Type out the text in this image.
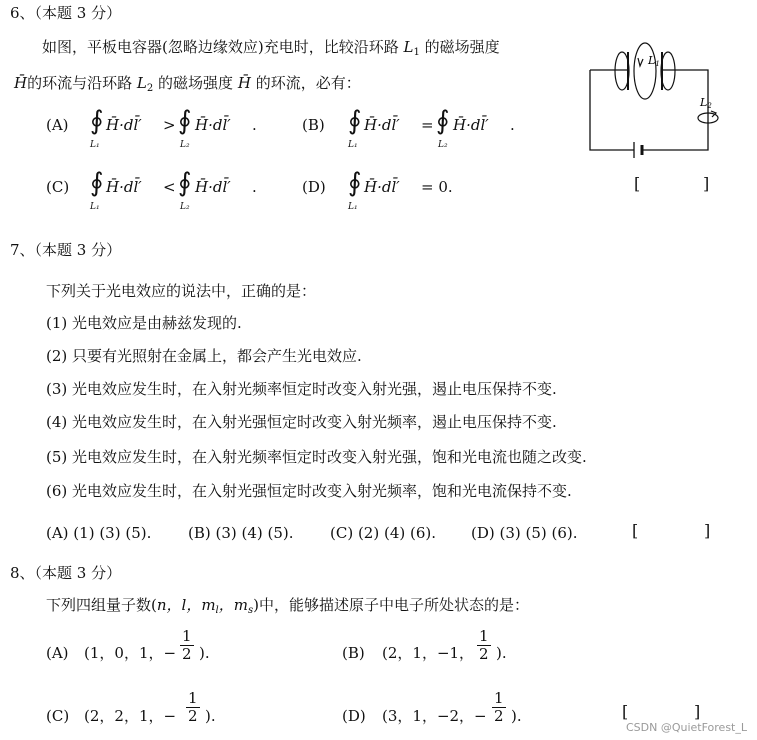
6、（本题 3 分）
如图，平板电容器(忽略边缘效应)充电时，比较沿环路 $L_1$ 的磁场强度
H̄的环流与沿环路 $L_2$ 的磁场强度 H̄ 的环流，必有：
(A) ∮
L₁
H̄·dl̄′ > ∮
L₂
H̄·dl̄′ .	(B) ∮
L₁
H̄·dl̄′ = ∮
L₂
H̄·dl̄′ .
(C) ∮
L₁
H̄·dl̄′ < ∮
L₂
H̄·dl̄′ .	(D) ∮
L₁
H̄·dl̄′ = 0.
L1
L2
[	]
7、（本题 3 分）
下列关于光电效应的说法中，正确的是：
(1) 光电效应是由赫兹发现的.
(2) 只要有光照射在金属上，都会产生光电效应.
(3) 光电效应发生时，在入射光频率恒定时改变入射光强，遏止电压保持不变.
(4) 光电效应发生时，在入射光强恒定时改变入射光频率，遏止电压保持不变.
(5) 光电效应发生时，在入射光频率恒定时改变入射光强，饱和光电流也随之改变.
(6) 光电效应发生时，在入射光强恒定时改变入射光频率，饱和光电流保持不变.
(A) (1) (3) (5). (B) (3) (4) (5). (C) (2) (4) (6). (D) (3) (5) (6).	[	]
8、（本题 3 分）
下列四组量子数(n，l，$m_l$，$m_s$)中，能够描述原子中电子所处状态的是：
(A) (1，0，1，− $\frac{1}{2}$ ).	(B) (2，1，−1， $\frac{1}{2}$ ).
(C) (2，2，1，− $\frac{1}{2}$ ).	(D) (3，1，−2，− $\frac{1}{2}$ ).	[	]
CSDN @QuietForest_L
